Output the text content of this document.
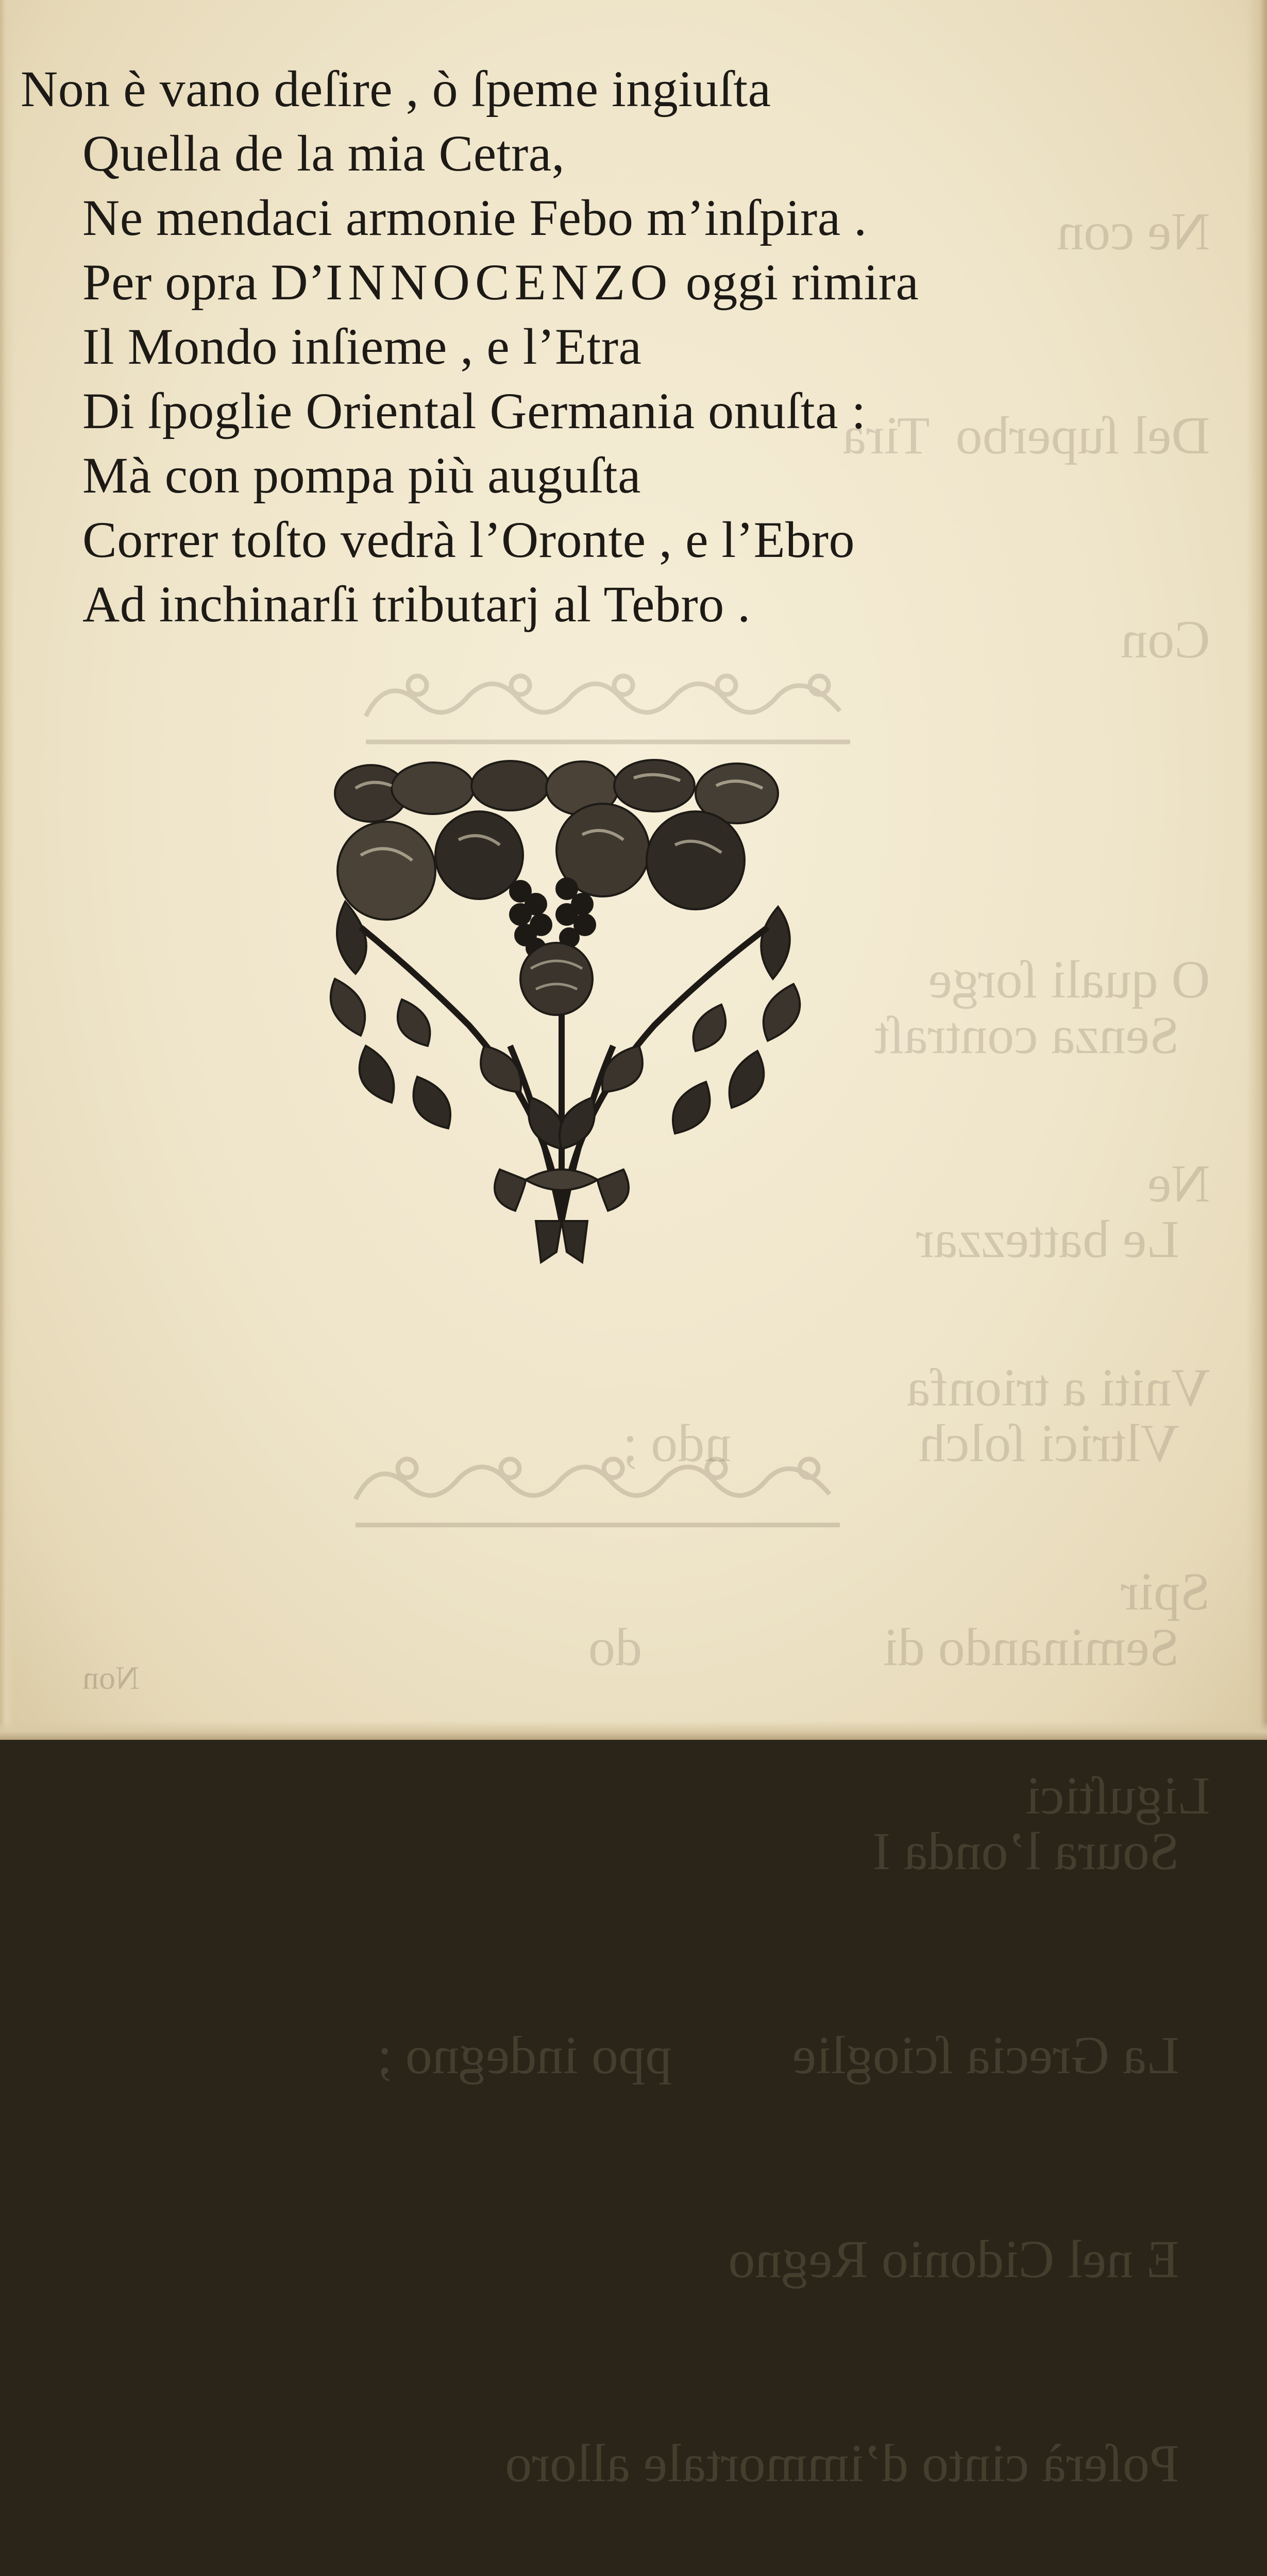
Ne con

Del ſuperbo  Tira

Con

O quali ſorge

Ne

Vniti a trionfa

Spir

Liguſtici

Senza contraſt

Le battezzar

Vltrici ſolch              ndo ;

Seminando di                  do

Soura l’onda I

La Grecia ſcioglie         ppo indegno ;

E nel Cidonio Regno

Poſerà cinto d’immortale alloro

Non è vano deſire , ò ſpeme ingiuſta
Quella de la mia Cetra,
Ne mendaci armonie Febo m’inſpira .
Per opra D’INNOCENZO oggi rimira
Il Mondo inſieme , e l’Etra
Di ſpoglie Oriental Germania onuſta :
Mà con pompa più auguſta
Correr toſto vedrà l’Oronte , e l’Ebro
Ad inchinarſi tributarj al Tebro .
Non
